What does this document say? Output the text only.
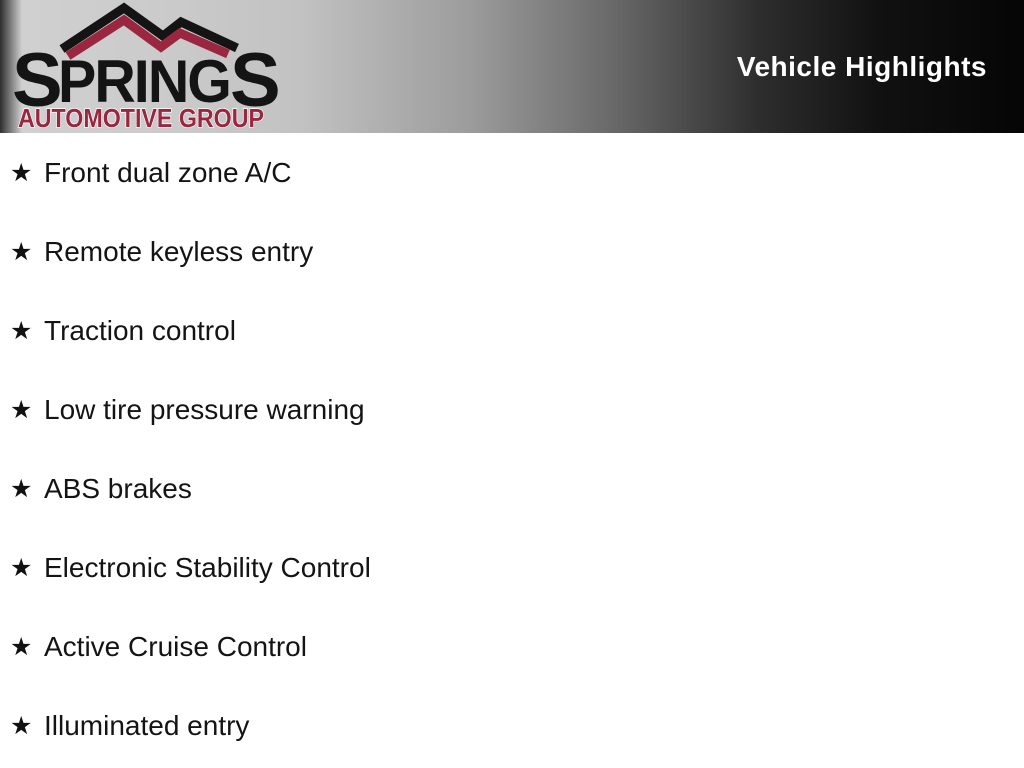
S
PRING S
AUTOMOTIVE GROUP
Vehicle Highlights
★ Front dual zone A/C
★ Remote keyless entry
★ Traction control
★ Low tire pressure warning
★ ABS brakes
★ Electronic Stability Control
★ Active Cruise Control
★ Illuminated entry
